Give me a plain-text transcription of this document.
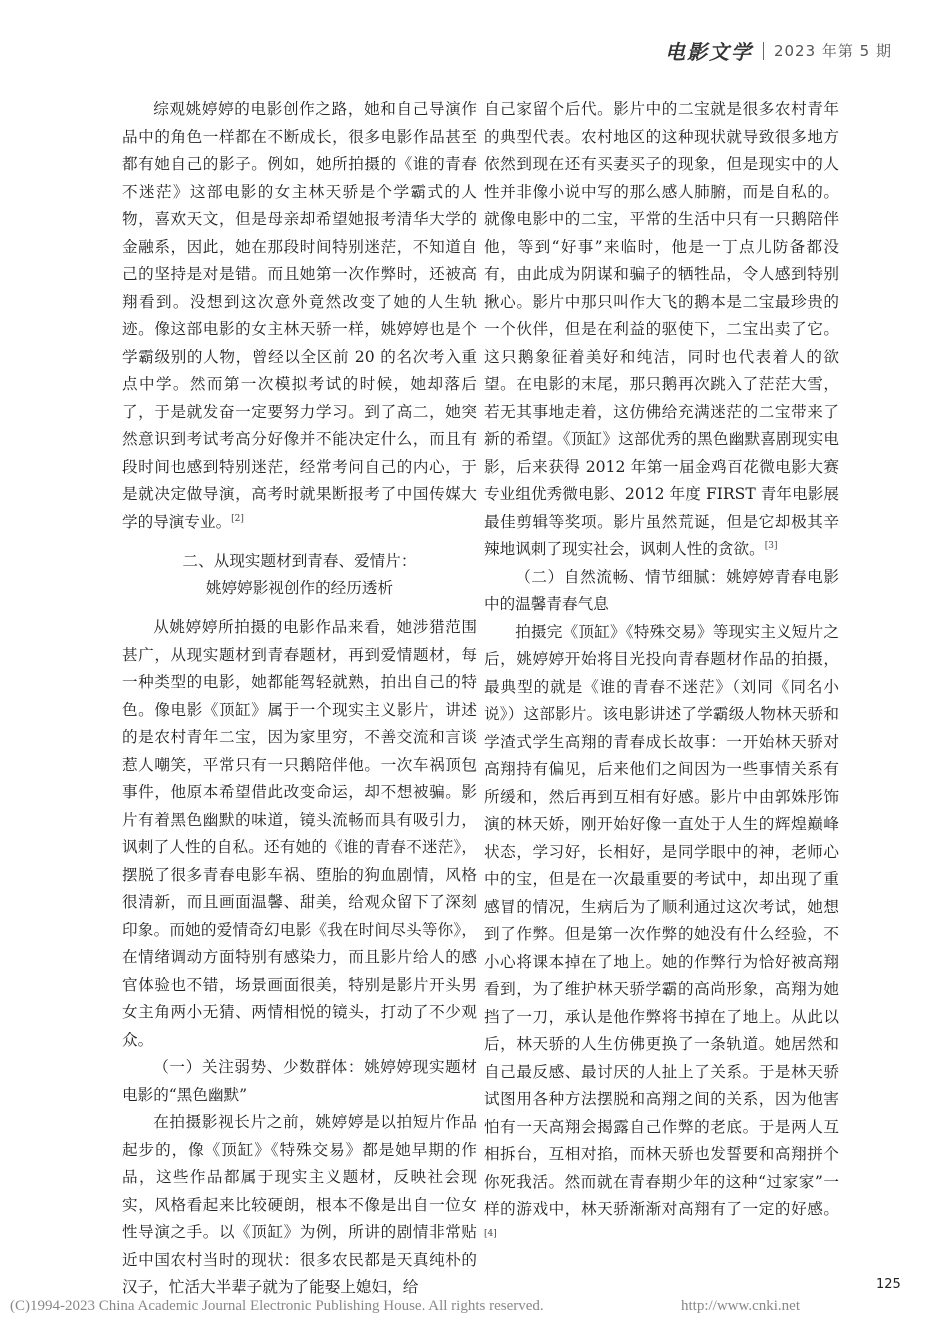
电影文学 2023 年第 5 期

综观姚婷婷的电影创作之路，她和自己导演作品中的角色一样都在不断成长，很多电影作品甚至都有她自己的影子。例如，她所拍摄的《谁的青春不迷茫》这部电影的女主林天骄是个学霸式的人物，喜欢天文，但是母亲却希望她报考清华大学的金融系，因此，她在那段时间特别迷茫，不知道自己的坚持是对是错。而且她第一次作弊时，还被高翔看到。没想到这次意外竟然改变了她的人生轨迹。像这部电影的女主林天骄一样，姚婷婷也是个学霸级别的人物，曾经以全区前 20 的名次考入重点中学。然而第一次模拟考试的时候，她却落后了，于是就发奋一定要努力学习。到了高二，她突然意识到考试考高分好像并不能决定什么，而且有段时间也感到特别迷茫，经常考问自己的内心，于是就决定做导演，高考时就果断报考了中国传媒大学的导演专业。[2]

二、从现实题材到青春、爱情片：
姚婷婷影视创作的经历透析

从姚婷婷所拍摄的电影作品来看，她涉猎范围甚广，从现实题材到青春题材，再到爱情题材，每一种类型的电影，她都能驾轻就熟，拍出自己的特色。像电影《顶缸》属于一个现实主义影片，讲述的是农村青年二宝，因为家里穷，不善交流和言谈惹人嘲笑，平常只有一只鹅陪伴他。一次车祸顶包事件，他原本希望借此改变命运，却不想被骗。影片有着黑色幽默的味道，镜头流畅而具有吸引力，讽刺了人性的自私。还有她的《谁的青春不迷茫》，摆脱了很多青春电影车祸、堕胎的狗血剧情，风格很清新，而且画面温馨、甜美，给观众留下了深刻印象。而她的爱情奇幻电影《我在时间尽头等你》，在情绪调动方面特别有感染力，而且影片给人的感官体验也不错，场景画面很美，特别是影片开头男女主角两小无猜、两情相悦的镜头，打动了不少观众。

（一）关注弱势、少数群体：姚婷婷现实题材电影的“黑色幽默”

在拍摄影视长片之前，姚婷婷是以拍短片作品起步的，像《顶缸》《特殊交易》都是她早期的作品，这些作品都属于现实主义题材，反映社会现实，风格看起来比较硬朗，根本不像是出自一位女性导演之手。以《顶缸》为例，所讲的剧情非常贴近中国农村当时的现状：很多农民都是天真纯朴的汉子，忙活大半辈子就为了能娶上媳妇，给

自己家留个后代。影片中的二宝就是很多农村青年的典型代表。农村地区的这种现状就导致很多地方依然到现在还有买妻买子的现象，但是现实中的人性并非像小说中写的那么感人肺腑，而是自私的。就像电影中的二宝，平常的生活中只有一只鹅陪伴他，等到“好事”来临时，他是一丁点儿防备都没有，由此成为阴谋和骗子的牺牲品，令人感到特别揪心。影片中那只叫作大飞的鹅本是二宝最珍贵的一个伙伴，但是在利益的驱使下，二宝出卖了它。这只鹅象征着美好和纯洁，同时也代表着人的欲望。在电影的末尾，那只鹅再次跳入了茫茫大雪，若无其事地走着，这仿佛给充满迷茫的二宝带来了新的希望。《顶缸》这部优秀的黑色幽默喜剧现实电影，后来获得 2012 年第一届金鸡百花微电影大赛专业组优秀微电影、2012 年度 FIRST 青年电影展最佳剪辑等奖项。影片虽然荒诞，但是它却极其辛辣地讽刺了现实社会，讽刺人性的贪欲。[3]

（二）自然流畅、情节细腻：姚婷婷青春电影中的温馨青春气息

拍摄完《顶缸》《特殊交易》等现实主义短片之后，姚婷婷开始将目光投向青春题材作品的拍摄，最典型的就是《谁的青春不迷茫》（刘同《同名小说》）这部影片。该电影讲述了学霸级人物林天骄和学渣式学生高翔的青春成长故事：一开始林天骄对高翔持有偏见，后来他们之间因为一些事情关系有所缓和，然后再到互相有好感。影片中由郭姝彤饰演的林天娇，刚开始好像一直处于人生的辉煌巅峰状态，学习好，长相好，是同学眼中的神，老师心中的宝，但是在一次最重要的考试中，却出现了重感冒的情况，生病后为了顺利通过这次考试，她想到了作弊。但是第一次作弊的她没有什么经验，不小心将课本掉在了地上。她的作弊行为恰好被高翔看到，为了维护林天骄学霸的高尚形象，高翔为她挡了一刀，承认是他作弊将书掉在了地上。从此以后，林天骄的人生仿佛更换了一条轨道。她居然和自己最反感、最讨厌的人扯上了关系。于是林天骄试图用各种方法摆脱和高翔之间的关系，因为他害怕有一天高翔会揭露自己作弊的老底。于是两人互相拆台，互相对掐，而林天骄也发誓要和高翔拼个你死我活。然而就在青春期少年的这种“过家家”一样的游戏中，林天骄渐渐对高翔有了一定的好感。[4]

125
(C)1994-2023 China Academic Journal Electronic Publishing House. All rights reserved.	http://www.cnki.net
